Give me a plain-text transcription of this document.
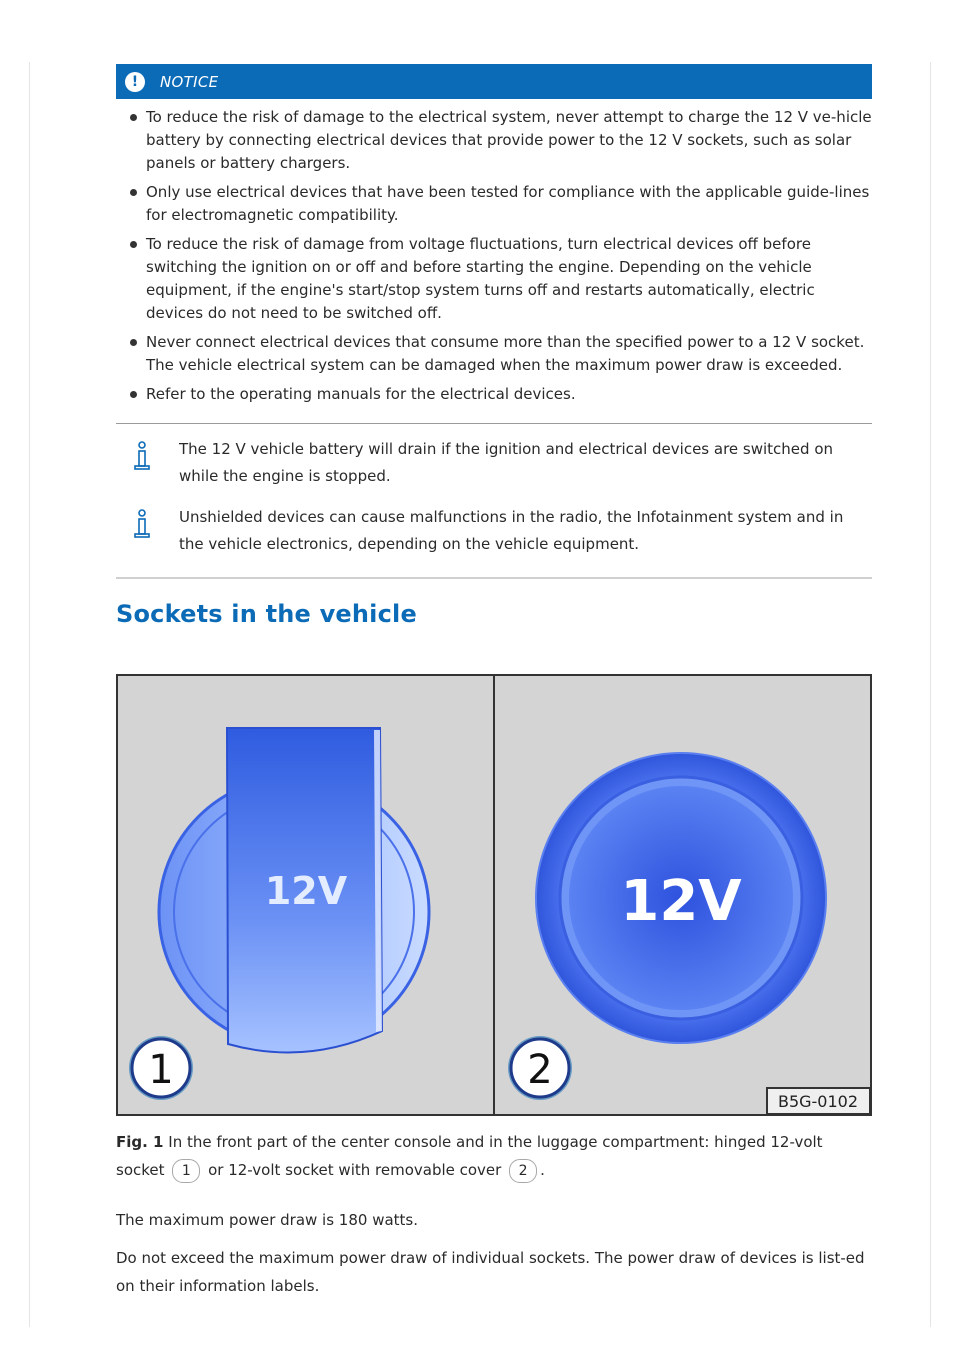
!	NOTICE
To reduce the risk of damage to the electrical system, never attempt to charge the 12 V ve-hicle battery by connecting electrical devices that provide power to the 12 V sockets, such as solar panels or battery chargers.
Only use electrical devices that have been tested for compliance with the applicable guide-lines for electromagnetic compatibility.
To reduce the risk of damage from voltage fluctuations, turn electrical devices off before switching the ignition on or off and before starting the engine. Depending on the vehicle equipment, if the engine's start/stop system turns off and restarts automatically, electric devices do not need to be switched off.
Never connect electrical devices that consume more than the specified power to a 12 V socket. The vehicle electrical system can be damaged when the maximum power draw is exceeded.
Refer to the operating manuals for the electrical devices.
The 12 V vehicle battery will drain if the ignition and electrical devices are switched on while the engine is stopped.
Unshielded devices can cause malfunctions in the radio, the Infotainment system and in the vehicle electronics, depending on the vehicle equipment.
Sockets in the vehicle
12V
1
12V
2
B5G-0102
Fig. 1 In the front part of the center console and in the luggage compartment: hinged 12-volt socket 1 or 12-volt socket with removable cover 2 .

The maximum power draw is 180 watts.

Do not exceed the maximum power draw of individual sockets. The power draw of devices is list-ed on their information labels.
